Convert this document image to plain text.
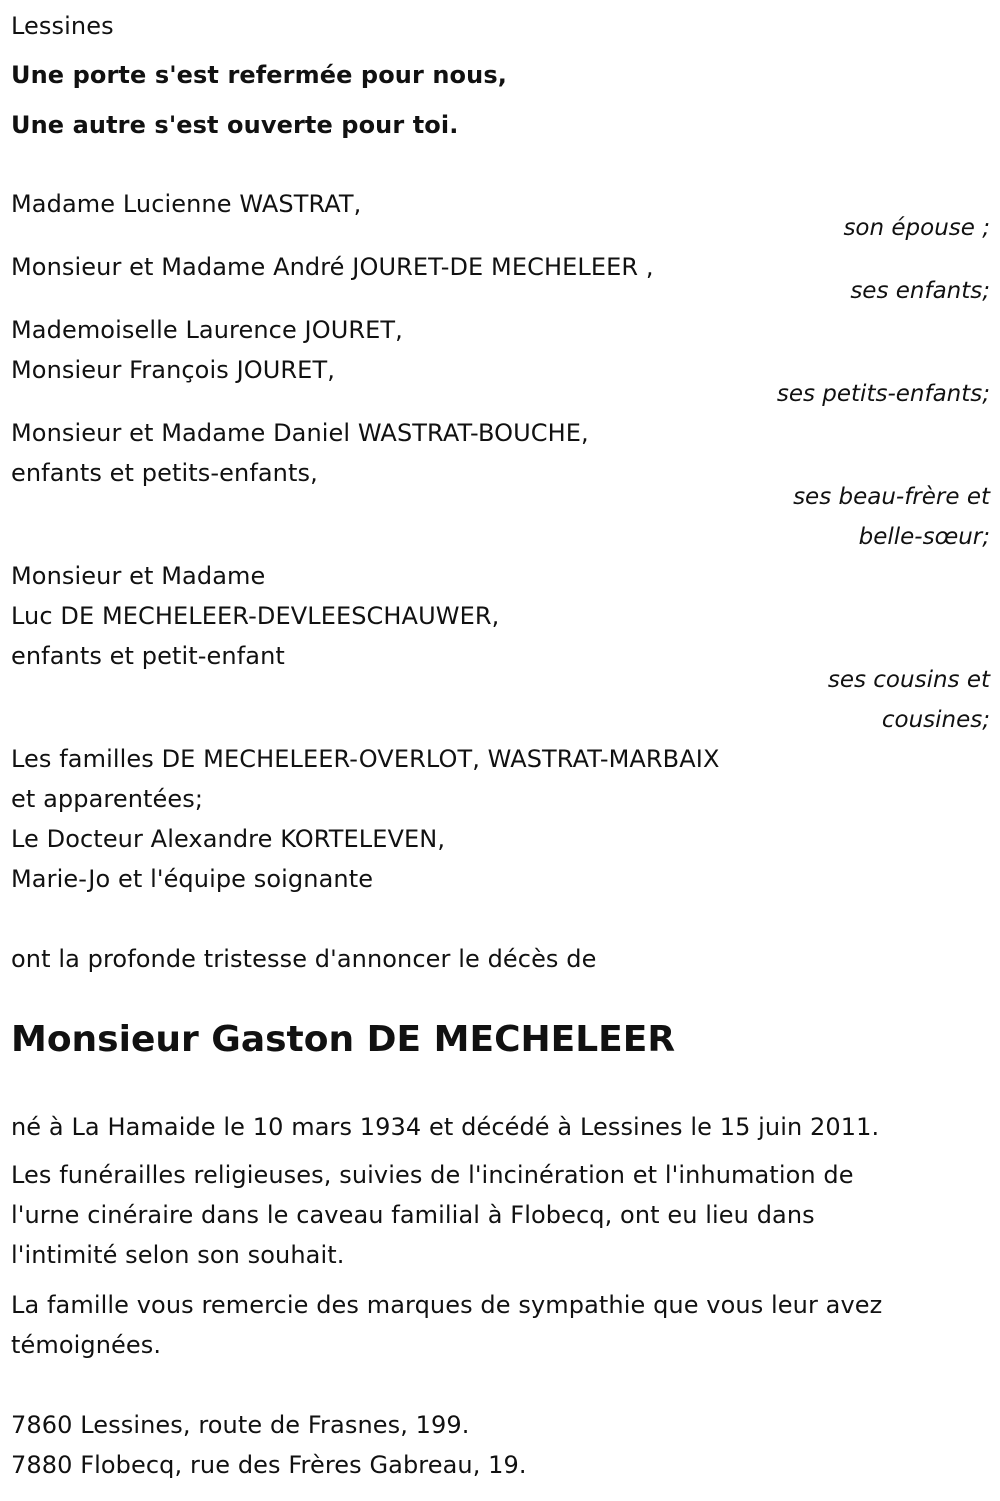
Lessines
Une porte s'est refermée pour nous,
Une autre s'est ouverte pour toi.
Madame Lucienne WASTRAT,
son épouse ;
Monsieur et Madame André JOURET-DE MECHELEER ,
ses enfants;
Mademoiselle Laurence JOURET,
Monsieur François JOURET,
ses petits-enfants;
Monsieur et Madame Daniel WASTRAT-BOUCHE,
enfants et petits-enfants,
ses beau-frère et
belle-sœur;
Monsieur et Madame
Luc DE MECHELEER-DEVLEESCHAUWER,
enfants et petit-enfant
ses cousins et
cousines;
Les familles DE MECHELEER-OVERLOT, WASTRAT-MARBAIX
et apparentées;
Le Docteur Alexandre KORTELEVEN,
Marie-Jo et l'équipe soignante
ont la profonde tristesse d'annoncer le décès de
Monsieur Gaston DE MECHELEER
né à La Hamaide le 10 mars 1934 et décédé à Lessines le 15 juin 2011.
Les funérailles religieuses, suivies de l'incinération et l'inhumation de
l'urne cinéraire dans le caveau familial à Flobecq, ont eu lieu dans
l'intimité selon son souhait.
La famille vous remercie des marques de sympathie que vous leur avez
témoignées.
7860 Lessines, route de Frasnes, 199.
7880 Flobecq, rue des Frères Gabreau, 19.
